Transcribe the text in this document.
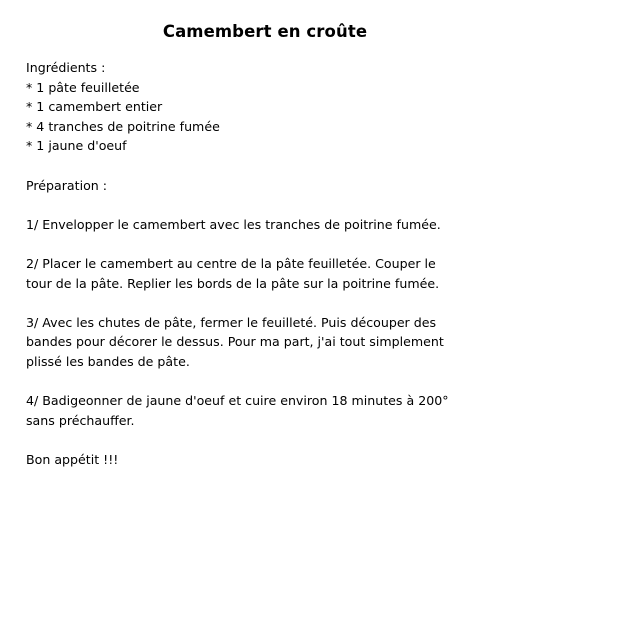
Camembert en croûte

Ingrédients :

* 1 pâte feuilletée

* 1 camembert entier

* 4 tranches de poitrine fumée

* 1 jaune d'oeuf

Préparation :

1/ Envelopper le camembert avec les tranches de poitrine fumée.

2/ Placer le camembert au centre de la pâte feuilletée. Couper le

tour de la pâte. Replier les bords de la pâte sur la poitrine fumée.

3/ Avec les chutes de pâte, fermer le feuilleté. Puis découper des

bandes pour décorer le dessus. Pour ma part, j'ai tout simplement

plissé les bandes de pâte.

4/ Badigeonner de jaune d'oeuf et cuire environ 18 minutes à 200°

sans préchauffer.

Bon appétit !!!
